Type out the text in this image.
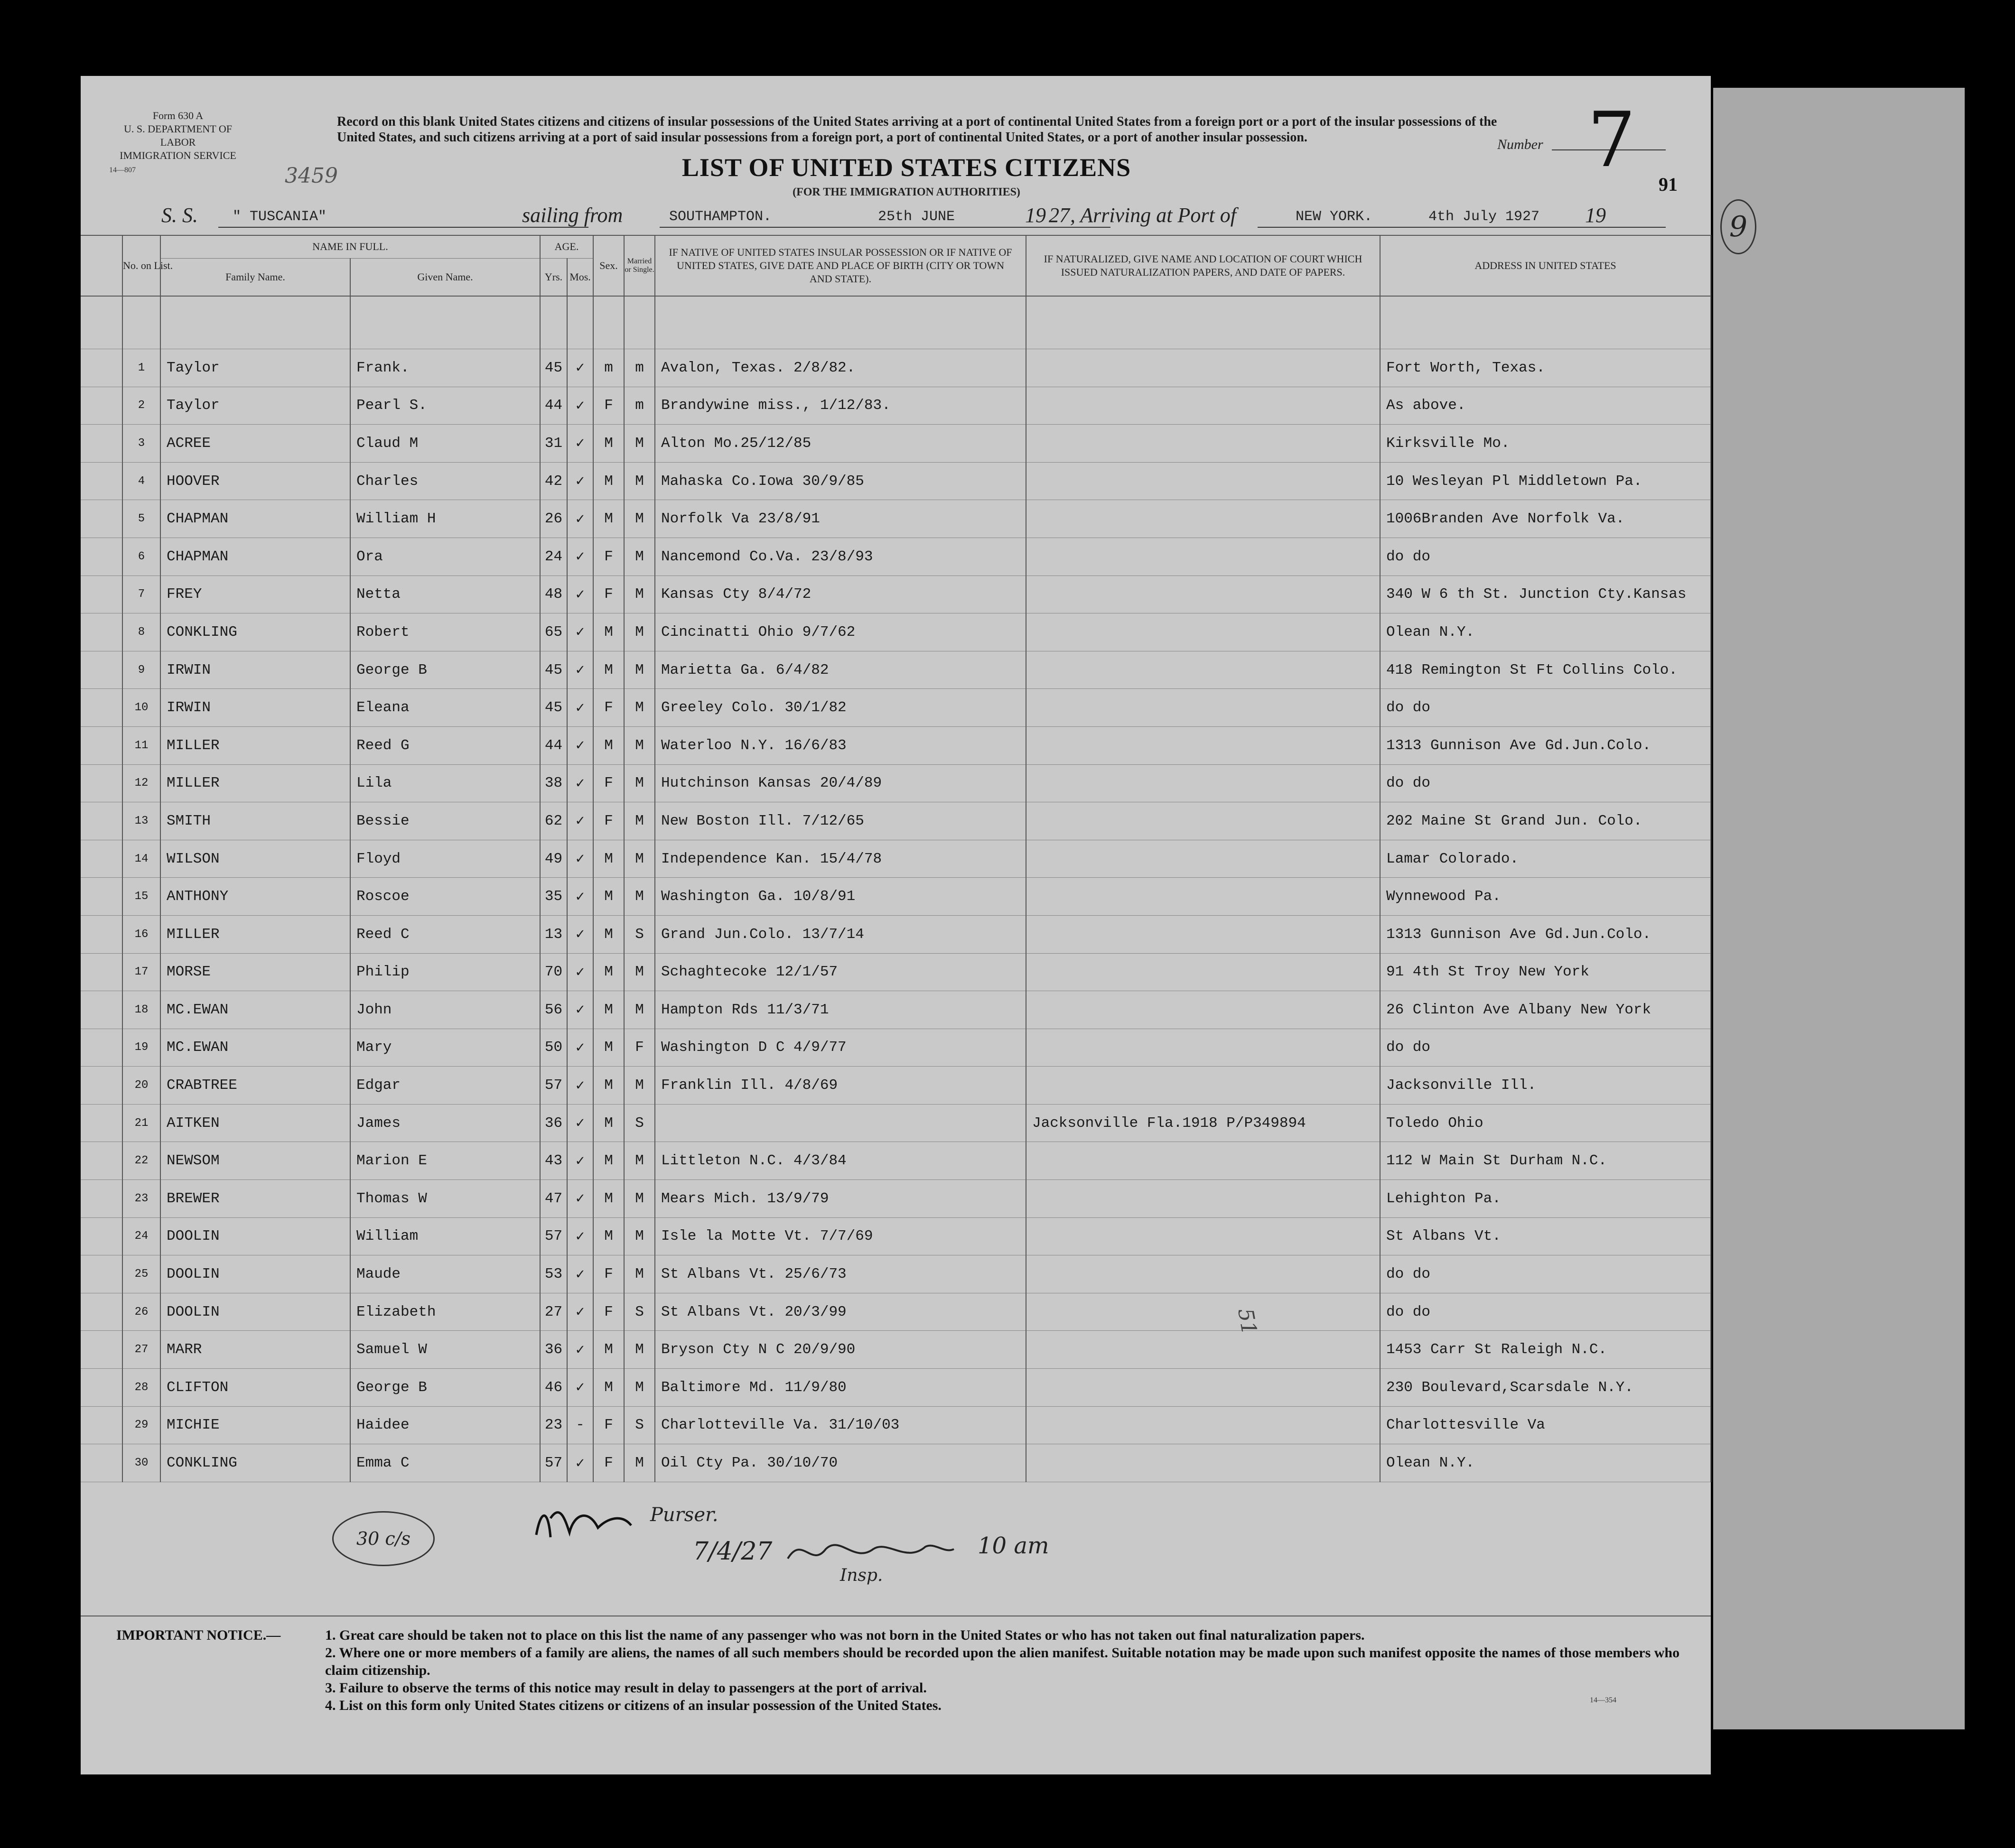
Form 630 A
U. S. DEPARTMENT OF LABOR
IMMIGRATION SERVICE
14—807	3459
Record on this blank United States citizens and citizens of insular possessions of the United States arriving at a port of continental United States from a foreign port or a port of the insular possessions of the United States, and such citizens arriving at a port of said insular possessions from a foreign port, a port of continental United States, or a port of another insular possession.
LIST OF UNITED STATES CITIZENS
(FOR THE IMMIGRATION AUTHORITIES)
Number 7
91
S. S. " TUSCANIA"	sailing from	SOUTHAMPTON.	25th JUNE	19 27 , Arriving at Port of	NEW YORK.	4th July 1927 19
	No. on List.	NAME IN FULL.		AGE.		Sex.	Married or Single.	IF NATIVE OF UNITED STATES INSULAR POSSESSION OR IF NATIVE OF UNITED STATES, GIVE DATE AND PLACE OF BIRTH (CITY OR TOWN AND STATE).	IF NATURALIZED, GIVE NAME AND LOCATION OF COURT WHICH ISSUED NATURALIZATION PAPERS, AND DATE OF PAPERS.	ADDRESS IN UNITED STATES
		Family Name.	Given Name.	Yrs.	Mos.					

	1	Taylor	Frank.	45	✓	m	m	Avalon, Texas. 2/8/82.		Fort Worth, Texas.
	2	Taylor	Pearl S.	44	✓	F	m	Brandywine miss., 1/12/83.		As above.
	3	ACREE	Claud M	31	✓	M	M	Alton Mo.25/12/85		Kirksville Mo.
	4	HOOVER	Charles	42	✓	M	M	Mahaska Co.Iowa 30/9/85		10 Wesleyan Pl Middletown Pa.
	5	CHAPMAN	William H	26	✓	M	M	Norfolk Va 23/8/91		1006Branden Ave Norfolk Va.
	6	CHAPMAN	Ora	24	✓	F	M	Nancemond Co.Va. 23/8/93		do do
	7	FREY	Netta	48	✓	F	M	Kansas Cty 8/4/72		340 W 6 th St. Junction Cty.Kansas
	8	CONKLING	Robert	65	✓	M	M	Cincinatti Ohio 9/7/62		Olean N.Y.
	9	IRWIN	George B	45	✓	M	M	Marietta Ga. 6/4/82		418 Remington St Ft Collins Colo.
	10	IRWIN	Eleana	45	✓	F	M	Greeley Colo. 30/1/82		do do
	11	MILLER	Reed G	44	✓	M	M	Waterloo N.Y. 16/6/83		1313 Gunnison Ave Gd.Jun.Colo.
	12	MILLER	Lila	38	✓	F	M	Hutchinson Kansas 20/4/89		do do
	13	SMITH	Bessie	62	✓	F	M	New Boston Ill. 7/12/65		202 Maine St Grand Jun. Colo.
	14	WILSON	Floyd	49	✓	M	M	Independence Kan. 15/4/78		Lamar Colorado.
	15	ANTHONY	Roscoe	35	✓	M	M	Washington Ga. 10/8/91		Wynnewood Pa.
	16	MILLER	Reed C	13	✓	M	S	Grand Jun.Colo. 13/7/14		1313 Gunnison Ave Gd.Jun.Colo.
	17	MORSE	Philip	70	✓	M	M	Schaghtecoke 12/1/57		91 4th St Troy New York
	18	MC.EWAN	John	56	✓	M	M	Hampton Rds 11/3/71		26 Clinton Ave Albany New York
	19	MC.EWAN	Mary	50	✓	M	F	Washington D C 4/9/77		do do
	20	CRABTREE	Edgar	57	✓	M	M	Franklin Ill. 4/8/69		Jacksonville Ill.
	21	AITKEN	James	36	✓	M	S		Jacksonville Fla.1918 P/P349894	Toledo Ohio
	22	NEWSOM	Marion E	43	✓	M	M	Littleton N.C. 4/3/84		112 W Main St Durham N.C.
	23	BREWER	Thomas W	47	✓	M	M	Mears Mich. 13/9/79		Lehighton Pa.
	24	DOOLIN	William	57	✓	M	M	Isle la Motte Vt. 7/7/69		St Albans Vt.
	25	DOOLIN	Maude	53	✓	F	M	St Albans Vt. 25/6/73		do do
	26	DOOLIN	Elizabeth	27	✓	F	S	St Albans Vt. 20/3/99		do do
	27	MARR	Samuel W	36	✓	M	M	Bryson Cty N C 20/9/90		1453 Carr St Raleigh N.C.
	28	CLIFTON	George B	46	✓	M	M	Baltimore Md. 11/9/80		230 Boulevard,Scarsdale N.Y.
	29	MICHIE	Haidee	23	-	F	S	Charlotteville Va. 31/10/03		Charlottesville Va
	30	CONKLING	Emma C	57	✓	F	M	Oil Cty Pa. 30/10/70		Olean N.Y.
51
30 c/s
Purser.
7/4/27	10 am
Insp.
IMPORTANT NOTICE.—	1. Great care should be taken not to place on this list the name of any passenger who was not born in the United States or who has not taken out final naturalization papers.
2. Where one or more members of a family are aliens, the names of all such members should be recorded upon the alien manifest. Suitable notation may be made upon such manifest opposite the names of those members who claim citizenship.
3. Failure to observe the terms of this notice may result in delay to passengers at the port of arrival.
4. List on this form only United States citizens or citizens of an insular possession of the United States.	14—354
9
